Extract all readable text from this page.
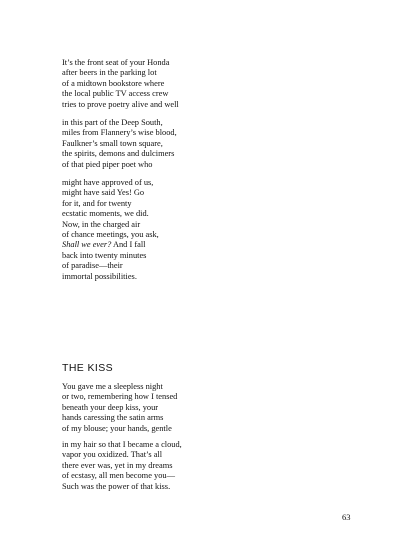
It’s the front seat of your Honda
after beers in the parking lot
of a midtown bookstore where
the local public TV access crew
tries to prove poetry alive and well
in this part of the Deep South,
miles from Flannery’s wise blood,
Faulkner’s small town square,
the spirits, demons and dulcimers
of that pied piper poet who
might have approved of us,
might have said Yes! Go
for it, and for twenty
ecstatic moments, we did.
Now, in the charged air
of chance meetings, you ask,
Shall we ever? And I fall
back into twenty minutes
of paradise—their
immortal possibilities.
THE KISS
You gave me a sleepless night
or two, remembering how I tensed
beneath your deep kiss, your
hands caressing the satin arms
of my blouse; your hands, gentle
in my hair so that I became a cloud,
vapor you oxidized. That’s all
there ever was, yet in my dreams
of ecstasy, all men become you—
Such was the power of that kiss.
63
